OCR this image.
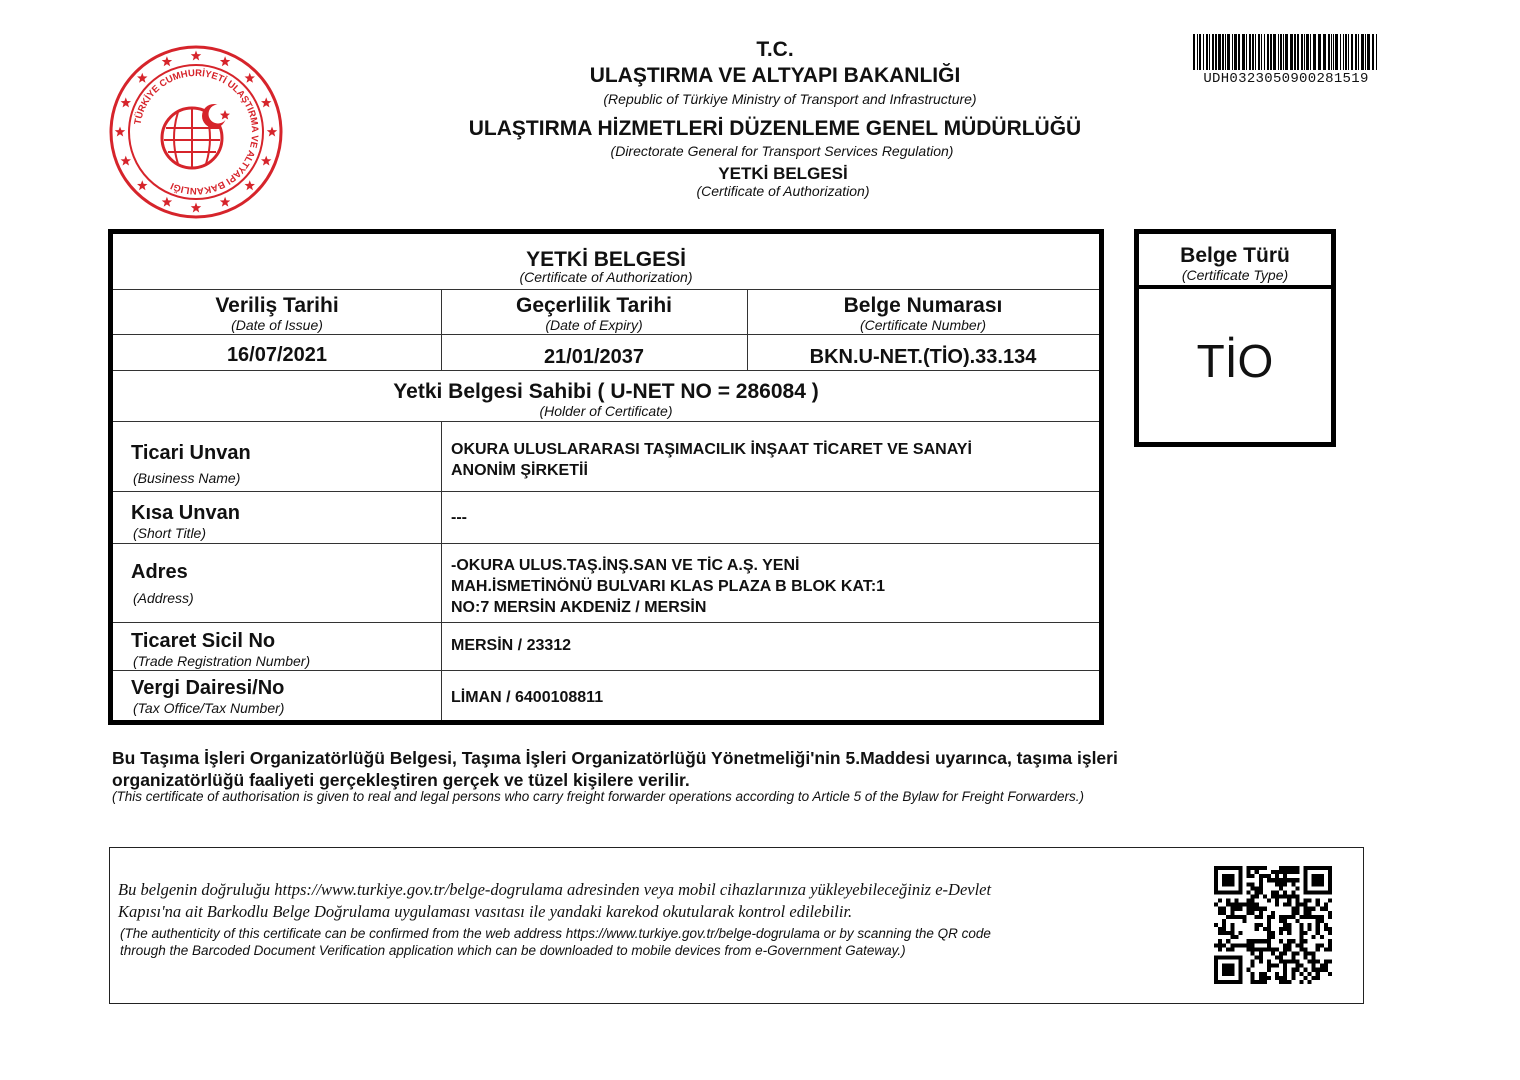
TÜRKİYE CUMHURİYETİ ULAŞTIRMA VE ALTYAPI BAKANLIĞI
T.C.
ULAŞTIRMA VE ALTYAPI BAKANLIĞI
(Republic of Türkiye Ministry of Transport and Infrastructure)
ULAŞTIRMA HİZMETLERİ DÜZENLEME GENEL MÜDÜRLÜĞÜ
(Directorate General for Transport Services Regulation)
YETKİ BELGESİ
(Certificate of Authorization)
UDH0323050900281519
YETKİ BELGESİ
(Certificate of Authorization)
Veriliş Tarihi
(Date of Issue)
Geçerlilik Tarihi
(Date of Expiry)
Belge Numarası
(Certificate Number)
16/07/2021	21/01/2037	BKN.U-NET.(TİO).33.134
Yetki Belgesi Sahibi ( U-NET NO = 286084 )
(Holder of Certificate)
Ticari Unvan
(Business Name)
OKURA ULUSLARARASI TAŞIMACILIK İNŞAAT TİCARET VE SANAYİ
ANONİM ŞİRKETİİ
Kısa Unvan
(Short Title)
---
Adres
(Address)
-OKURA ULUS.TAŞ.İNŞ.SAN VE TİC A.Ş. YENİ
MAH.İSMETİNÖNÜ BULVARI KLAS PLAZA B BLOK KAT:1
NO:7 MERSİN AKDENİZ / MERSİN
Ticaret Sicil No
(Trade Registration Number)
MERSİN / 23312
Vergi Dairesi/No
(Tax Office/Tax Number)
LİMAN / 6400108811
Belge Türü
(Certificate Type)
TİO
Bu Taşıma İşleri Organizatörlüğü Belgesi, Taşıma İşleri Organizatörlüğü Yönetmeliği'nin 5.Maddesi uyarınca, taşıma işleri
organizatörlüğü faaliyeti gerçekleştiren gerçek ve tüzel kişilere verilir.
(This certificate of authorisation is given to real and legal persons who carry freight forwarder operations according to Article 5 of the Bylaw for Freight Forwarders.)
Bu belgenin doğruluğu https://www.turkiye.gov.tr/belge-dogrulama adresinden veya mobil cihazlarınıza yükleyebileceğiniz e-Devlet
Kapısı'na ait Barkodlu Belge Doğrulama uygulaması vasıtası ile yandaki karekod okutularak kontrol edilebilir.
(The authenticity of this certificate can be confirmed from the web address https://www.turkiye.gov.tr/belge-dogrulama or by scanning the QR code
through the Barcoded Document Verification application which can be downloaded to mobile devices from e-Government Gateway.)
